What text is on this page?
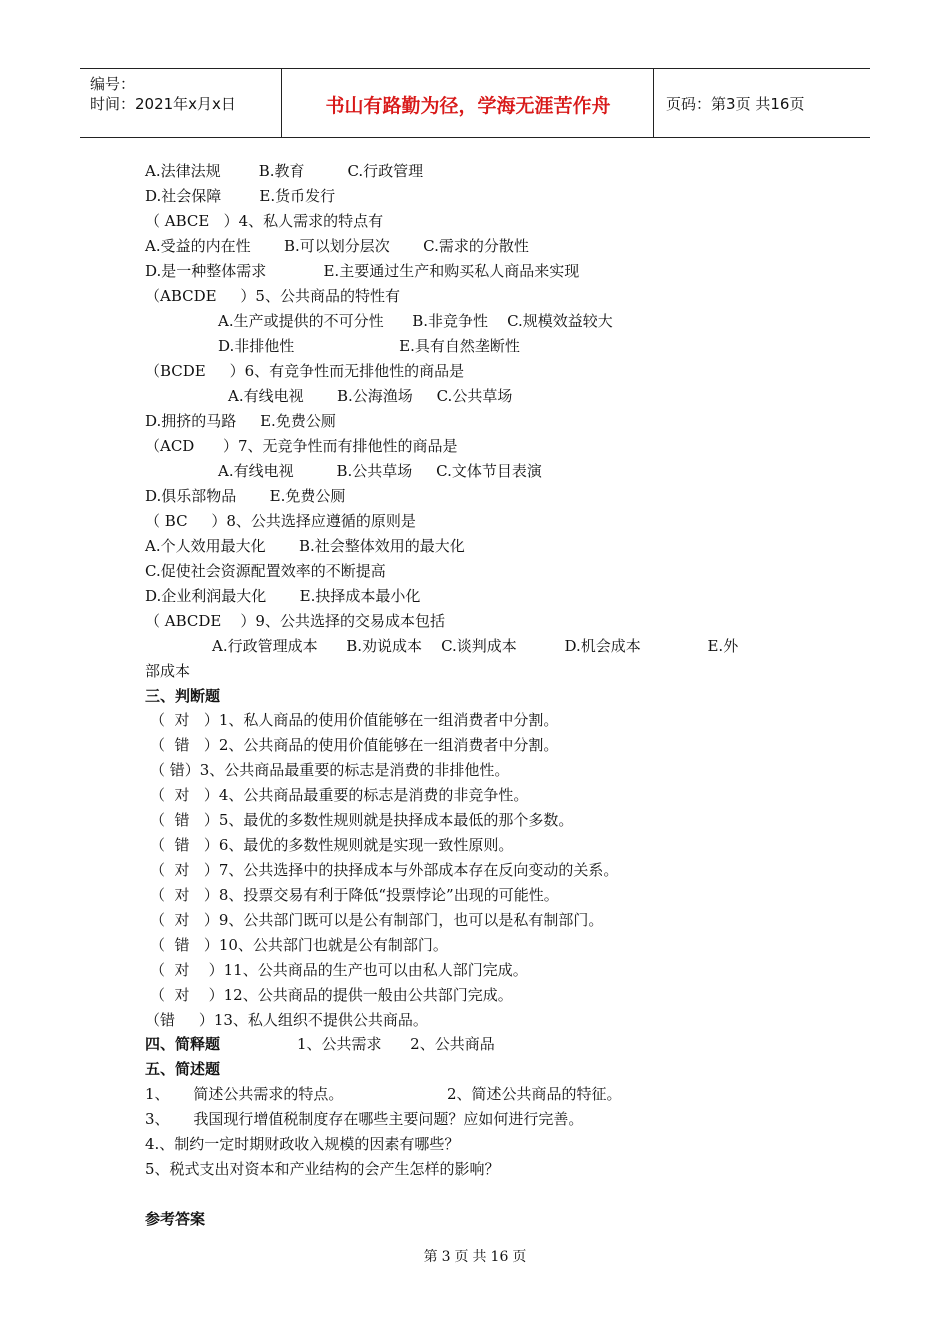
编号：
时间：2021年x月x日	书山有路勤为径，学海无涯苦作舟	页码：第3页 共16页
A.法律法规        B.教育         C.行政管理
D.社会保障        E.货币发行
（ ABCE   ）4、私人需求的特点有
A.受益的内在性       B.可以划分层次       C.需求的分散性
D.是一种整体需求            E.主要通过生产和购买私人商品来实现
（ABCDE     ）5、公共商品的特性有
A.生产或提供的不可分性      B.非竞争性    C.规模效益较大
D.非排他性                      E.具有自然垄断性
（BCDE     ）6、有竞争性而无排他性的商品是
A.有线电视       B.公海渔场     C.公共草场
D.拥挤的马路     E.免费公厕
（ACD      ）7、无竞争性而有排他性的商品是
A.有线电视         B.公共草场     C.文体节目表演
D.俱乐部物品       E.免费公厕
（ BC     ）8、公共选择应遵循的原则是
A.个人效用最大化       B.社会整体效用的最大化
C.促使社会资源配置效率的不断提高
D.企业利润最大化       E.抉择成本最小化
（ ABCDE    ）9、公共选择的交易成本包括
A.行政管理成本      B.劝说成本    C.谈判成本          D.机会成本              E.外
部成本
三、判断题
（  对   ）1、私人商品的使用价值能够在一组消费者中分割。
（  错   ）2、公共商品的使用价值能够在一组消费者中分割。
（ 错）3、公共商品最重要的标志是消费的非排他性。
（  对   ）4、公共商品最重要的标志是消费的非竞争性。
（  错   ）5、最优的多数性规则就是抉择成本最低的那个多数。
（  错   ）6、最优的多数性规则就是实现一致性原则。
（  对   ）7、公共选择中的抉择成本与外部成本存在反向变动的关系。
（  对   ）8、投票交易有利于降低“投票悖论”出现的可能性。
（  对   ）9、公共部门既可以是公有制部门，也可以是私有制部门。
（  错   ）10、公共部门也就是公有制部门。
（  对    ）11、公共商品的生产也可以由私人部门完成。
（  对    ）12、公共商品的提供一般由公共部门完成。
（错     ）13、私人组织不提供公共商品。
四、简释题	1、公共需求      2、公共商品
五、简述题
1、     简述公共需求的特点。	2、简述公共商品的特征。
3、     我国现行增值税制度存在哪些主要问题？应如何进行完善。
4.、制约一定时期财政收入规模的因素有哪些？
5、税式支出对资本和产业结构的会产生怎样的影响？
参考答案
第 3 页 共 16 页
